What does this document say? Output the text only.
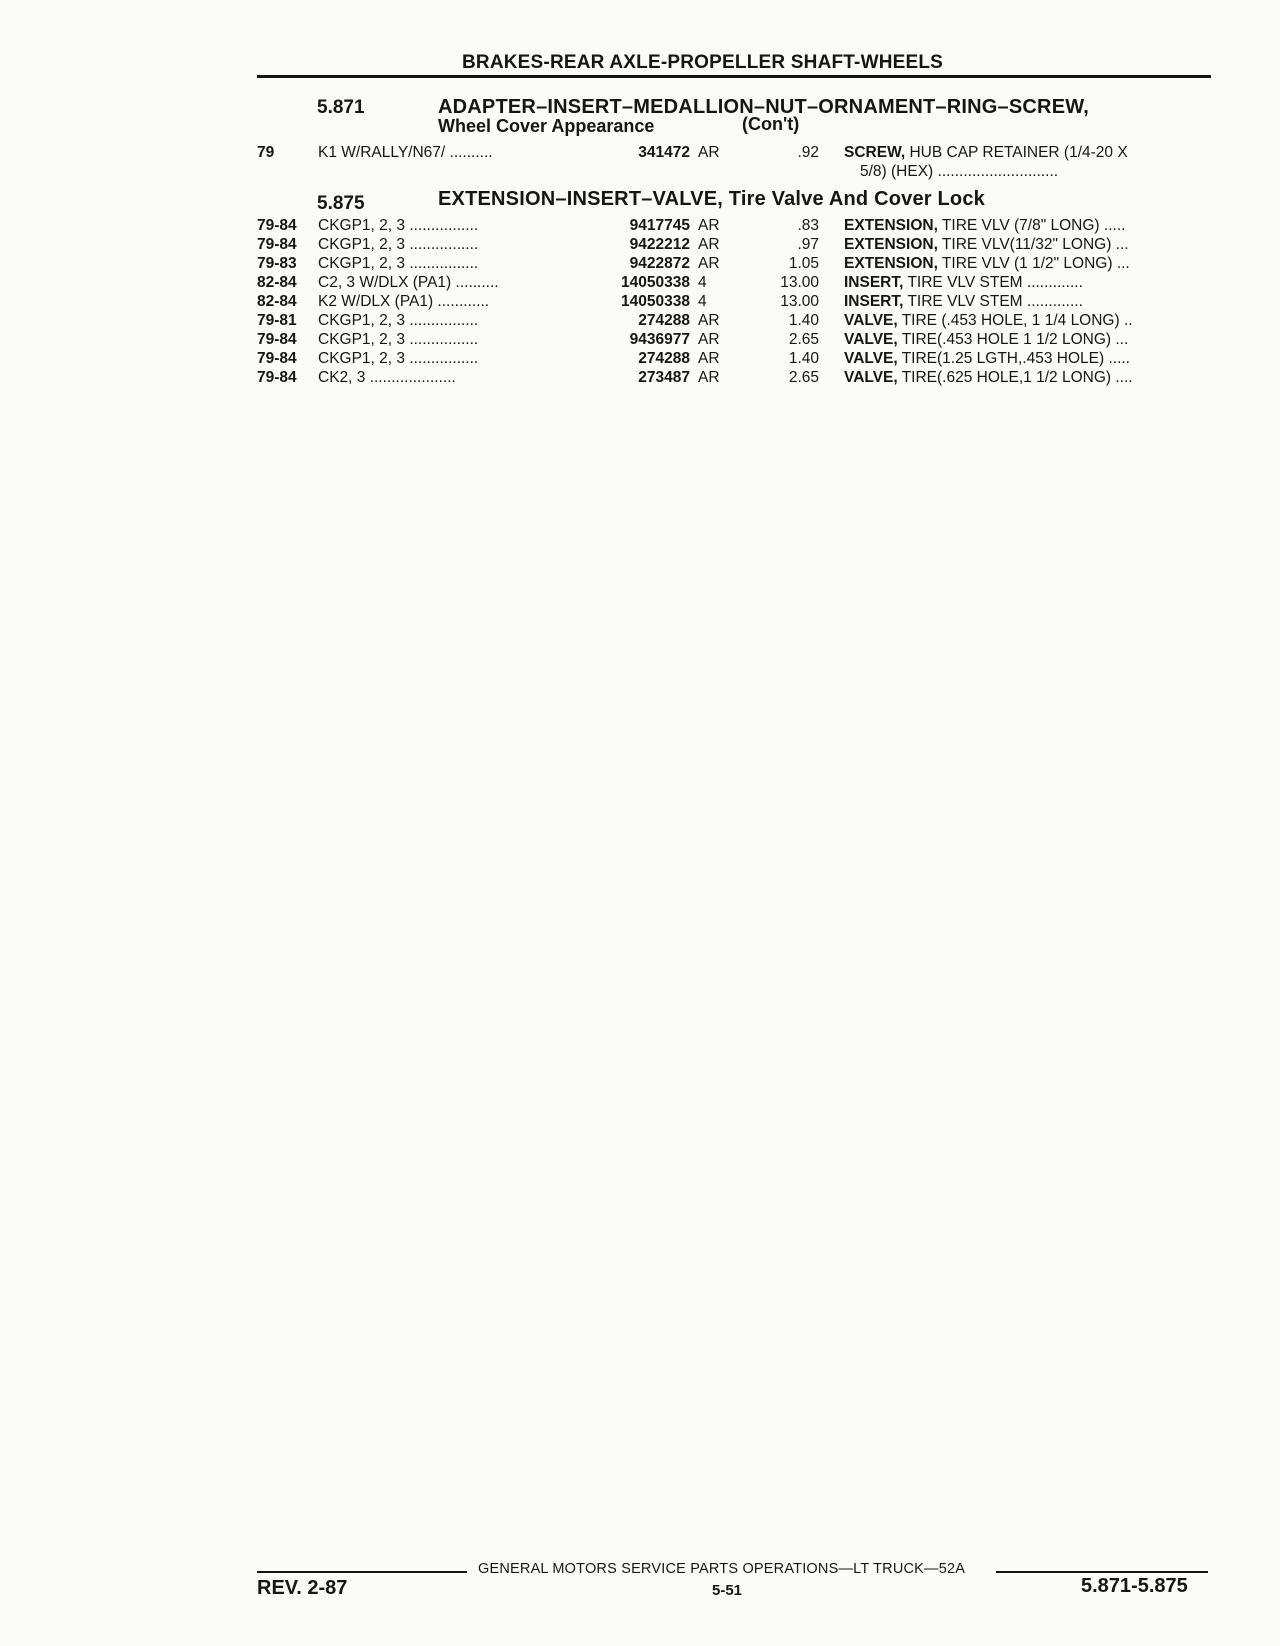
BRAKES-REAR AXLE-PROPELLER SHAFT-WHEELS
5.871	ADAPTER–INSERT–MEDALLION–NUT–ORNAMENT–RING–SCREW,
Wheel Cover Appearance	(Con't)
79	K1 W/RALLY/N67/ ..........	341472 AR	.92 SCREW, HUB CAP RETAINER (1/4-20 X
5/8) (HEX) ............................
5.875	EXTENSION–INSERT–VALVE, Tire Valve And Cover Lock
79-84 CKGP1, 2, 3 ................	9417745 AR	.83 EXTENSION, TIRE VLV (7/8" LONG) .....
79-84 CKGP1, 2, 3 ................	9422212 AR	.97 EXTENSION, TIRE VLV(11/32" LONG) ...
79-83 CKGP1, 2, 3 ................	9422872 AR	1.05 EXTENSION, TIRE VLV (1 1/2" LONG) ...
82-84 C2, 3 W/DLX (PA1) ..........	14050338 4	13.00 INSERT, TIRE VLV STEM .............
82-84 K2 W/DLX (PA1) ............	14050338 4	13.00 INSERT, TIRE VLV STEM .............
79-81 CKGP1, 2, 3 ................	274288 AR	1.40 VALVE, TIRE (.453 HOLE, 1 1/4 LONG) ..
79-84 CKGP1, 2, 3 ................	9436977 AR	2.65 VALVE, TIRE(.453 HOLE 1 1/2 LONG) ...
79-84 CKGP1, 2, 3 ................	274288 AR	1.40 VALVE, TIRE(1.25 LGTH,.453 HOLE) .....
79-84 CK2, 3 ....................	273487 AR	2.65 VALVE, TIRE(.625 HOLE,1 1/2 LONG) ....
GENERAL MOTORS SERVICE PARTS OPERATIONS—LT TRUCK—52A
REV. 2-87	5-51	5.871-5.875
